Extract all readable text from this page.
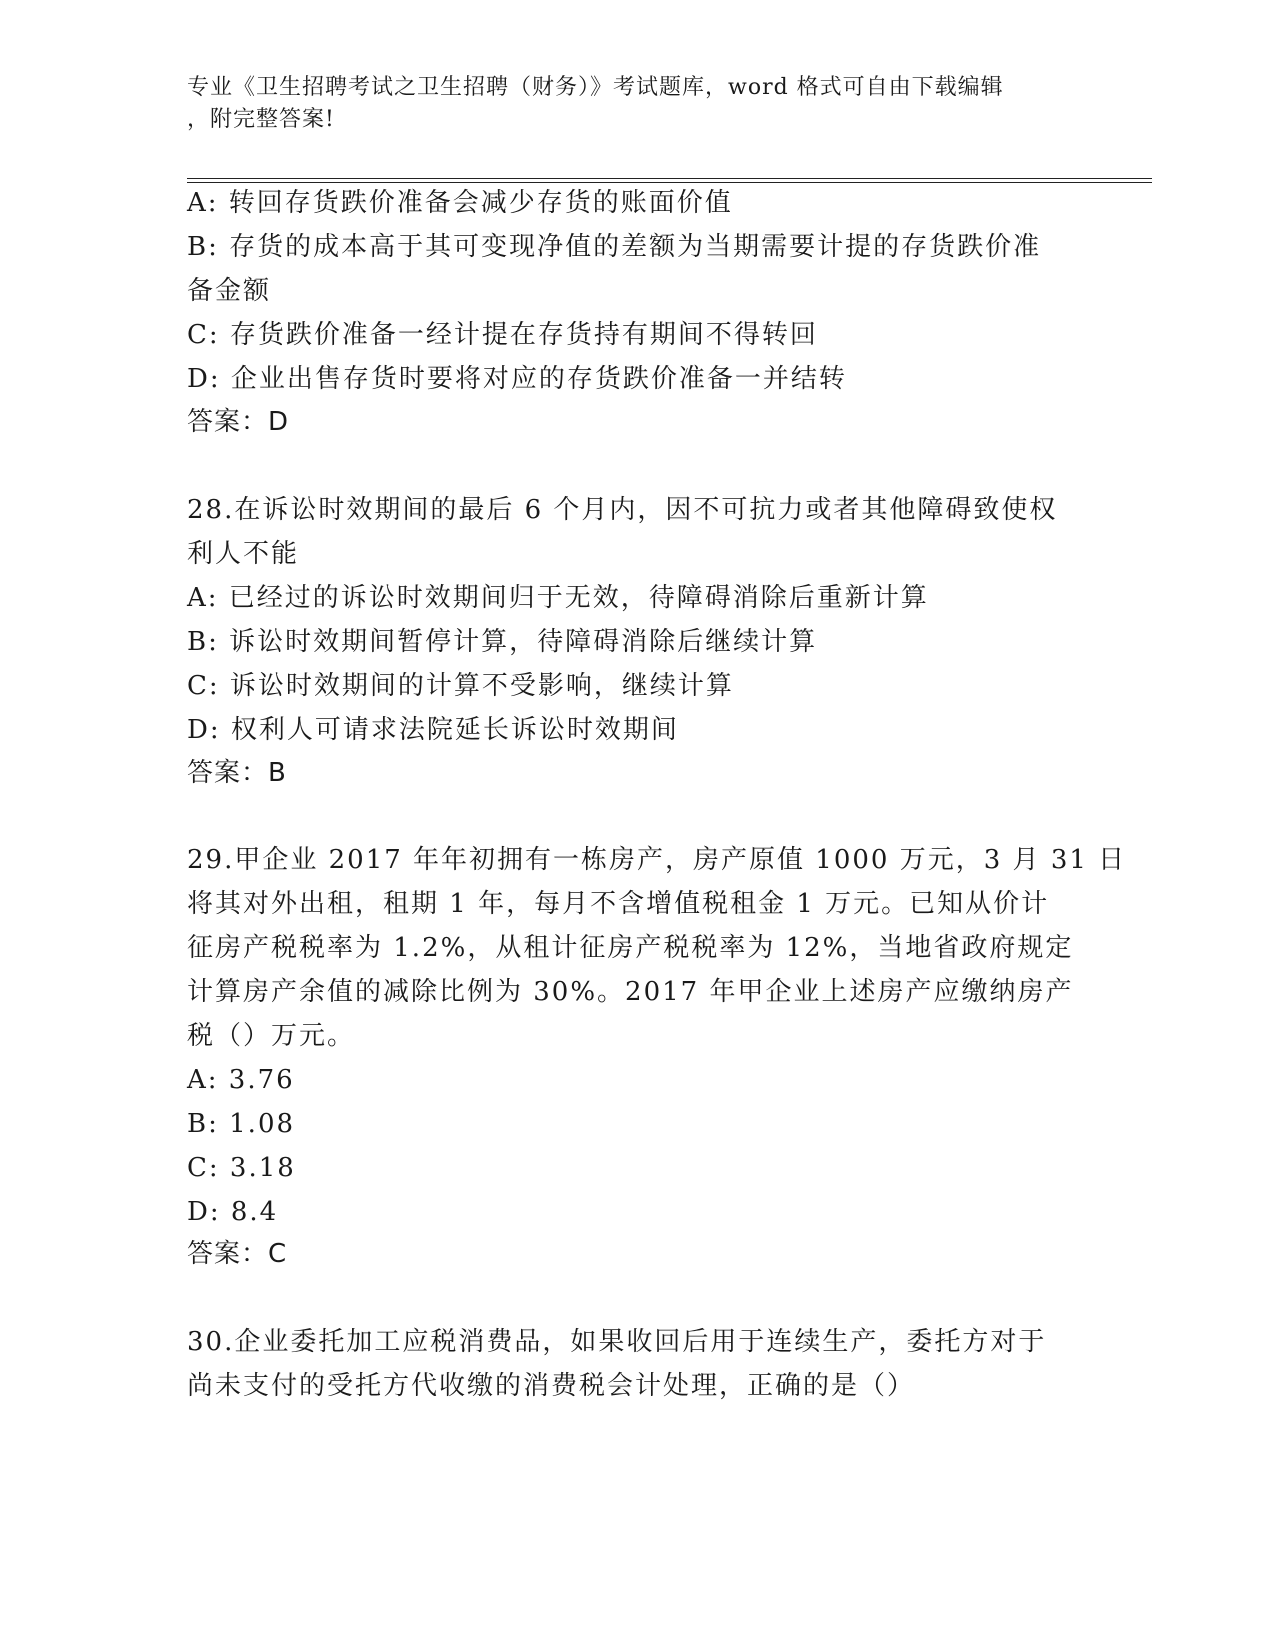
专业《卫生招聘考试之卫生招聘（财务）》考试题库，word 格式可自由下载编辑
，附完整答案!
A: 转回存货跌价准备会减少存货的账面价值
B: 存货的成本高于其可变现净值的差额为当期需要计提的存货跌价准
备金额
C: 存货跌价准备一经计提在存货持有期间不得转回
D: 企业出售存货时要将对应的存货跌价准备一并结转
答案：D
28.在诉讼时效期间的最后 6 个月内，因不可抗力或者其他障碍致使权
利人不能
A: 已经过的诉讼时效期间归于无效，待障碍消除后重新计算
B: 诉讼时效期间暂停计算，待障碍消除后继续计算
C: 诉讼时效期间的计算不受影响，继续计算
D: 权利人可请求法院延长诉讼时效期间
答案：B
29.甲企业 2017 年年初拥有一栋房产，房产原值 1000 万元，3 月 31 日
将其对外出租，租期 1 年，每月不含增值税租金 1 万元。已知从价计
征房产税税率为 1.2%，从租计征房产税税率为 12%，当地省政府规定
计算房产余值的减除比例为 30%。2017 年甲企业上述房产应缴纳房产
税（）万元。
A: 3.76
B: 1.08
C: 3.18
D: 8.4
答案：C
30.企业委托加工应税消费品，如果收回后用于连续生产，委托方对于
尚未支付的受托方代收缴的消费税会计处理，正确的是（）
